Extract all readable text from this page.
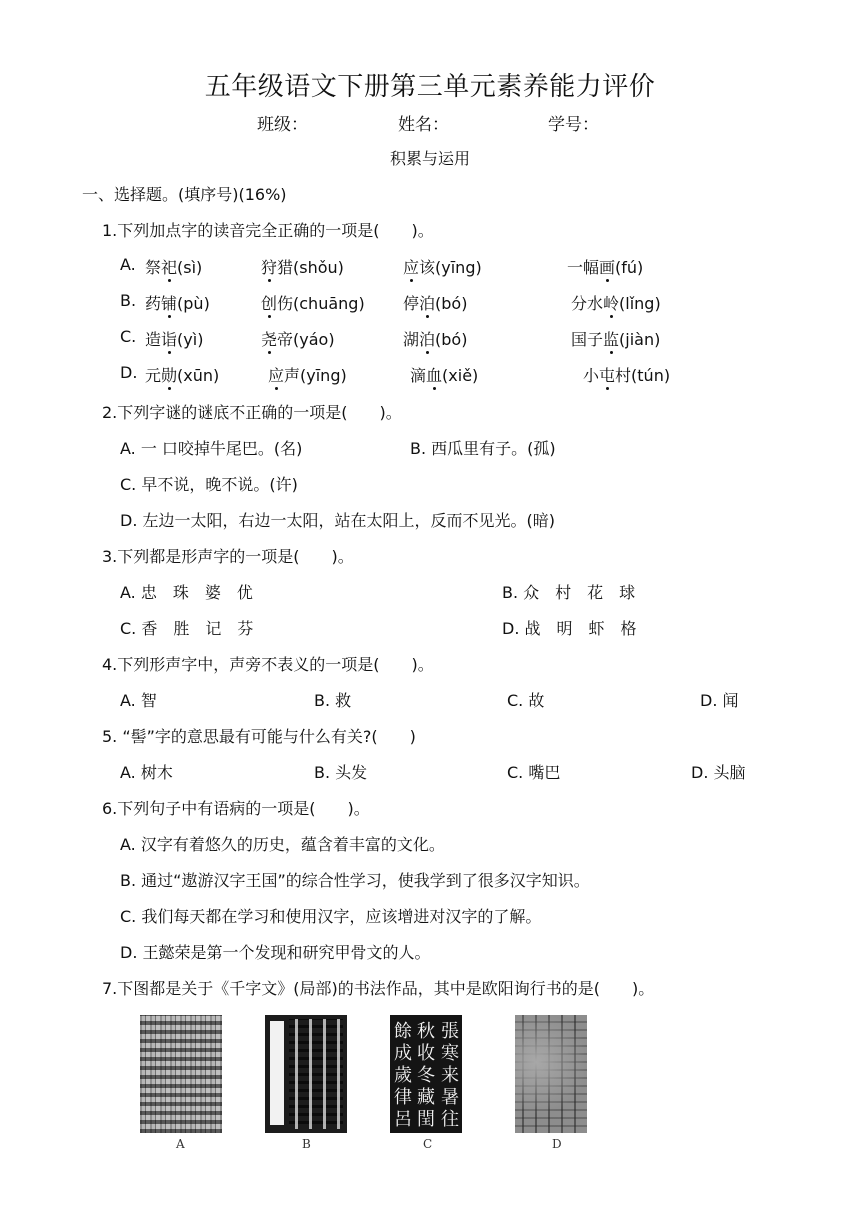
五年级语文下册第三单元素养能力评价
班级：	姓名：	学号：
积累与运用
一、选择题。(填序号)(16%)
1.下列加点字的读音完全正确的一项是(　　)。
A. 祭祀(sì)	狩猎(shǒu)	应该(yīng)	一幅画(fú)
B. 药铺(pù)	创伤(chuāng) 停泊(bó)	分水岭(lǐng)
C. 造诣(yì)	尧帝(yáo)	湖泊(bó)	国子监(jiàn)
D. 元勋(xūn)	应声(yīng)	滴血(xiě)	小屯村(tún)
2.下列字谜的谜底不正确的一项是(　　)。
A. 一 口咬掉牛尾巴。(名)	B. 西瓜里有子。(孤)
C. 早不说，晚不说。(许)
D. 左边一太阳，右边一太阳，站在太阳上，反而不见光。(暗)
3.下列都是形声字的一项是(　　)。
A. 忠　珠　婆　优	B. 众　村　花　球
C. 香　胜　记　芬	D. 战　明　虾　格
4.下列形声字中，声旁不表义的一项是(　　)。
A. 智	B. 救	C. 故	D. 闻
5. “髻”字的意思最有可能与什么有关?(　　)
A. 树木	B. 头发	C. 嘴巴	D. 头脑
6.下列句子中有语病的一项是(　　)。
A. 汉字有着悠久的历史，蕴含着丰富的文化。
B. 通过“遨游汉字王国”的综合性学习，使我学到了很多汉字知识。
C. 我们每天都在学习和使用汉字，应该增进对汉字的了解。
D. 王懿荣是第一个发现和研究甲骨文的人。
7.下图都是关于《千字文》(局部)的书法作品，其中是欧阳询行书的是(　　)。
張
寒
来
暑
往
秋
收
冬
藏
閏
餘
成
歲
律
呂
A	B	C	D
